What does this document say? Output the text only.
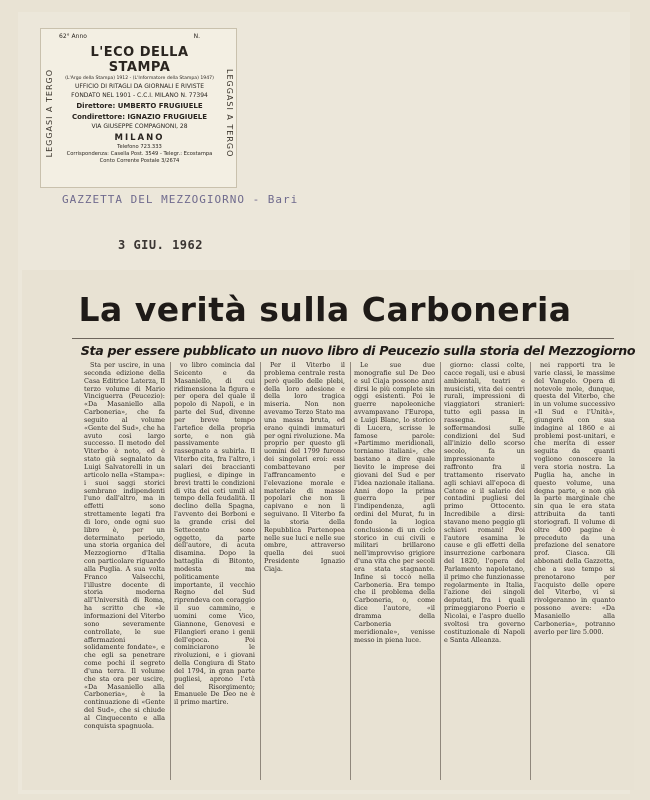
LEGGASI A TERGO	LEGGASI A TERGO
62° Anno	N.
L'ECO DELLA STAMPA
(L'Argo della Stampa) 1912 - (L'Informatore della Stampa) 1947)
UFFICIO DI RITAGLI DA GIORNALI E RIVISTE
FONDATO NEL 1901 - C.C.I. MILANO N. 77394
Direttore: UMBERTO FRUGIUELE
Condirettore: IGNAZIO FRUGIUELE
VIA GIUSEPPE COMPAGNONI, 28
MILANO
Telefono 723.333
Corrispondenza: Casella Post. 3549 - Telegr.: Ecostampa
Conto Corrente Postale 3/2674
GAZZETTA DEL MEZZOGIORNO - Bari
3 GIU. 1962
La verità sulla Carboneria
Sta per essere pubblicato un nuovo libro di Peucezio sulla storia del Mezzogiorno

Sta per uscire, in una seconda edizione della Casa Editrice Laterza, Il terzo volume di Mario Vinciguerra (Peucezio): «Da Masaniello alla Carboneria», che fa seguito al volume «Gente del Sud», che ha avuto così largo successo. Il metodo del Viterbo è noto, ed è stato già segnalato da Luigi Salvatorelli in un articolo nella «Stampa»: i suoi saggi storici sembrano indipendenti l'uno dall'altro, ma in effetti sono strettamente legati fra di loro, onde ogni suo libro è, per un determinato periodo, una storia organica del Mezzogiorno d'Italia con particolare riguardo alla Puglia. A sua volta Franco Valsecchi, l'illustre docente di storia moderna all'Università di Roma, ha scritto che «le informazioni del Viterbo sono severamente controllate, le sue affermazioni solidamente fondate», e che egli sa penetrare come pochi il segreto d'una terra. Il volume che sta ora per uscire, «Da Masaniello alla Carboneria», è la continuazione di «Gente del Sud», che si chiude al Cinquecento e alla conquista spagnuola.

vo libro comincia dal Seicento e da Masaniello, di cui ridimensiona la figura e per opera del quale il popolo di Napoli, e in parte del Sud, divenne per breve tempo l'artefice della propria sorte, e non già passivamente rassegnato a subirla. Il Viterbo cita, fra l'altro, i salari dei braccianti pugliesi, e dipinge in brevi tratti le condizioni di vita dei ceti umili al tempo della feudalità. Il declino della Spagna, l'avvento dei Borboni e la grande crisi del Settecento sono oggetto, da parte dell'autore, di acuta disamina. Dopo la battaglia di Bitonto, modesta ma politicamente importante, il vecchio Regno del Sud riprendeva con coraggio il suo cammino, e uomini come Vico, Giannone, Genovesi e Filangieri erano i genii dell'epoca. Poi cominciarono le rivoluzioni, e i giovani della Congiura di Stato del 1794, in gran parte pugliesi, aprono l'età del Risorgimento; Emanuele De Deo ne è il primo martire.

Per il Viterbo il problema centrale resta però quello delle plebi, della loro adesione e della loro tragica miseria. Non non avevamo Terzo Stato ma una massa bruta, ed erano quindi immaturi per ogni rivoluzione. Ma proprio per questo gli uomini del 1799 furono dei singolari eroi: essi combattevano per l'affrancamento e l'elevazione morale e materiale di masse popolari che non li capivano e non li seguivano. Il Viterbo fa la storia della Repubblica Partenopea nelle sue luci e nelle sue ombre, attraverso quella dei suoi Presidente Ignazio Ciaja.

Le sue due monografie sul De Deo e sul Ciaja possono anzi dirsi le più complete sin oggi esistenti. Poi le guerre napoleoniche avvampavano l'Europa, e Luigi Blanc, lo storico di Lucera, scrisse le famose parole: «Partimmo meridionali, torniamo italiani», che bastano a dire quale lievito le imprese dei giovani del Sud e per l'idea nazionale italiana. Anni dopo la prima guerra per l'indipendenza, agli ordini del Murat, fu in fondo la logica conclusione di un ciclo storico in cui civili e militari brillarono nell'improvviso grigiore d'una vita che per secoli era stata stagnante. Infine si toccò nella Carboneria. Era tempo che il problema della Carboneria, o, come dice l'autore, «il dramma della Carboneria meridionale», venisse messo in piena luce.

giorno: classi colte, cacce regali, usi e abusi ambientali, teatri e musicisti, vita dei centri rurali, impressioni di viaggiatori stranieri: tutto egli passa in rassegna. E, soffermandosi sulle condizioni del Sud all'inizio dello scorso secolo, fa un impressionante raffronto fra il trattamento riservato agli schiavi all'epoca di Catone e il salario dei contadini pugliesi del primo Ottocento. Incredibile a dirsi: stavano meno peggio gli schiavi romani! Poi l'autore esamina le cause e gli effetti della insurrezione carbonara del 1820, l'opera del Parlamento napoletano, il primo che funzionasse regolarmente in Italia, l'azione dei singoli deputati, fra i quali primeggiarono Poerio e Nicolai, e l'aspro duello svoltosi tra governo costituzionale di Napoli e Santa Alleanza.

nei rapporti tra le varie classi, le massime del Vangelo. Opera di notevole mole, dunque, questa del Viterbo, che in un volume successivo «Il Sud e l'Unità», giungerà con sua indagine al 1860 e ai problemi post-unitari, e che merita di esser seguita da quanti vogliono conoscere la vera storia nostra. La Puglia ha, anche in questo volume, una degna parte, e non già la parte marginale che sin qua le era stata attribuita da tanti storiografi. Il volume di oltre 400 pagine è preceduto da una prefazione del senatore prof. Ciasca. Gli abbonati della Gazzetta, che a suo tempo si prenotarono per l'acquisto delle opere del Viterbo, vi si rivolgeranno in quanto possono avere: «Da Masaniello alla Carboneria», potranno averlo per lire 5.000.
